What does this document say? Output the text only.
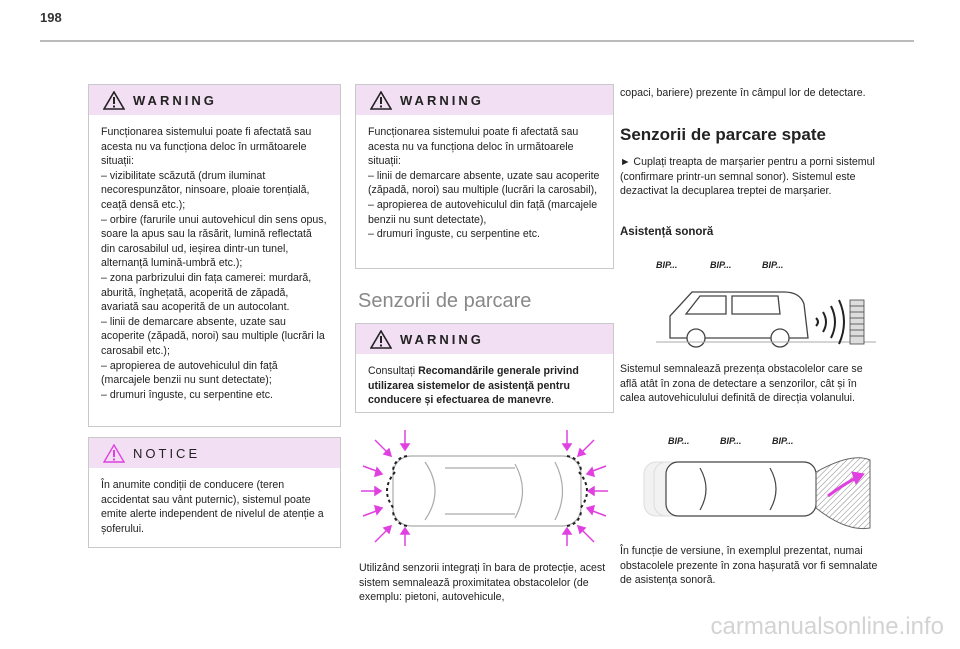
198
WARNING
Funcționarea sistemului poate fi afectată sau acesta nu va funcționa deloc în următoarele situații:
– vizibilitate scăzută (drum iluminat necorespunzător, ninsoare, ploaie torențială, ceață densă etc.);
– orbire (farurile unui autovehicul din sens opus, soare la apus sau la răsărit, lumină reflectată din carosabilul ud, ieșirea dintr-un tunel, alternanță lumină-umbră etc.);
– zona parbrizului din fața camerei: murdară, aburită, înghețată, acoperită de zăpadă, avariată sau acoperită de un autocolant.
– linii de demarcare absente, uzate sau acoperite (zăpadă, noroi) sau multiple (lucrări la carosabil etc.);
– apropierea de autovehiculul din față (marcajele benzii nu sunt detectate);
– drumuri înguste, cu serpentine etc.
NOTICE
În anumite condiții de conducere (teren accidentat sau vânt puternic), sistemul poate emite alerte independent de nivelul de atenție a șoferului.
WARNING
Funcționarea sistemului poate fi afectată sau acesta nu va funcționa deloc în următoarele situații:
– linii de demarcare absente, uzate sau acoperite (zăpadă, noroi) sau multiple (lucrări la carosabil),
– apropierea de autovehiculul din față (marcajele benzii nu sunt detectate),
– drumuri înguste, cu serpentine etc.
Senzorii de parcare
WARNING
Consultați Recomandările generale privind utilizarea sistemelor de asistență pentru conducere și efectuarea de manevre.
Utilizând senzorii integrați în bara de protecție, acest sistem semnalează proximitatea obstacolelor (de exemplu: pietoni, autovehicule,
copaci, bariere) prezente în câmpul lor de detectare.
Senzorii de parcare spate
► Cuplați treapta de marșarier pentru a porni sistemul (confirmare printr-un semnal sonor). Sistemul este dezactivat la decuplarea treptei de marșarier.
Asistență sonoră
BIP...	BIP...	BIP...
Sistemul semnalează prezența obstacolelor care se află atât în zona de detectare a senzorilor, cât și în calea autovehiculului definită de direcția volanului.
BIP...	BIP...	BIP...
În funcție de versiune, în exemplul prezentat, numai obstacolele prezente în zona hașurată vor fi semnalate de asistența sonoră.
carmanualsonline.info
